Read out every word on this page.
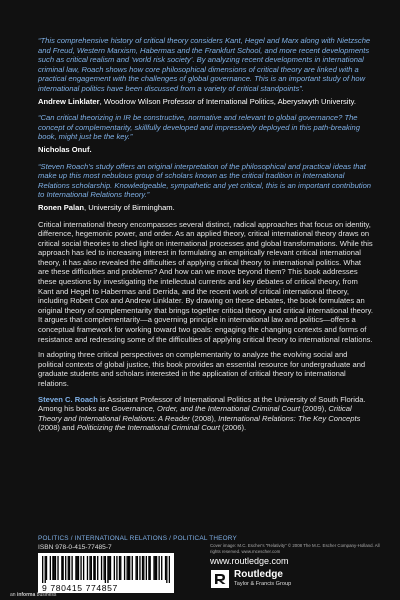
“This comprehensive history of critical theory considers Kant, Hegel and Marx along with Nietzsche and Freud, Western Marxism, Habermas and the Frankfurt School, and more recent developments such as critical realism and ‘world risk society’. By analyzing recent developments in international criminal law, Roach shows how core philosophical dimensions of critical theory are linked with a practical engagement with the challenges of global governance. This is an important study of how international politics have been discussed from a variety of critical standpoints”.

Andrew Linklater, Woodrow Wilson Professor of International Politics, Aberystwyth University.

“Can critical theorizing in IR be constructive, normative and relevant to global governance? The concept of complementarity, skillfully developed and impressively deployed in this path-breaking book, might just be the key.”

Nicholas Onuf.

“Steven Roach’s study offers an original interpretation of the philosophical and practical ideas that make up this most nebulous group of scholars known as the critical tradition in International Relations scholarship. Knowledgeable, sympathetic and yet critical, this is an important contribution to International Relations theory.”

Ronen Palan, University of Birmingham.

Critical international theory encompasses several distinct, radical approaches that focus on identity, difference, hegemonic power, and order. As an applied theory, critical international theory draws on critical social theories to shed light on international processes and global transformations. While this approach has led to increasing interest in formulating an empirically relevant critical international theory, it has also revealed the difficulties of applying critical theory to international politics. What are these difficulties and problems? And how can we move beyond them? This book addresses these questions by investigating the intellectual currents and key debates of critical theory, from Kant and Hegel to Habermas and Derrida, and the recent work of critical international theory, including Robert Cox and Andrew Linklater. By drawing on these debates, the book formulates an original theory of complementarity that brings together critical theory and critical international theory. It argues that complementarity—a governing principle in international law and politics—offers a conceptual framework for working toward two goals: engaging the changing contexts and forms of resistance and redressing some of the difficulties of applying critical theory to international relations.

In adopting three critical perspectives on complementarity to analyze the evolving social and political contexts of global justice, this book provides an essential resource for undergraduate and graduate students and scholars interested in the application of critical theory to international relations.

Steven C. Roach is Assistant Professor of International Politics at the University of South Florida. Among his books are Governance, Order, and the International Criminal Court (2009), Critical Theory and International Relations: A Reader (2008), International Relations: The Key Concepts (2008) and Politicizing the International Criminal Court (2006).

POLITICS / INTERNATIONAL RELATIONS / POLITICAL THEORY
ISBN 978-0-415-77485-7
9 780415 774857
Cover image: M.C. Escher's "Relativity" © 2008 The M.C. Escher Company-Holland. All rights reserved. www.mcescher.com
www.routledge.com
Routledge
Taylor & Francis Group
an informa business
